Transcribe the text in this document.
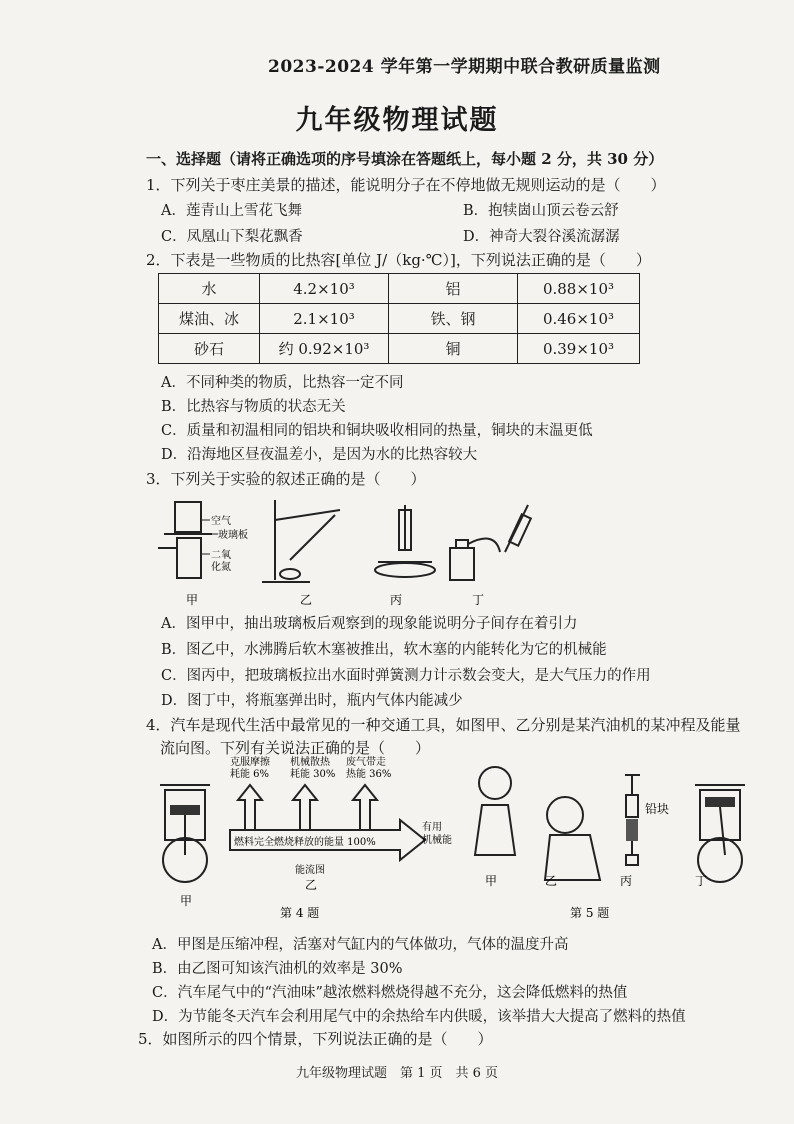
2023-2024 学年第一学期期中联合教研质量监测
九年级物理试题
一、选择题（请将正确选项的序号填涂在答题纸上，每小题 2 分，共 30 分）
1．下列关于枣庄美景的描述，能说明分子在不停地做无规则运动的是（　　）
A．莲青山上雪花飞舞	B．抱犊崮山顶云卷云舒
C．凤凰山下梨花飘香	D．神奇大裂谷溪流潺潺
2．下表是一些物质的比热容[单位 J/（kg·℃）]，下列说法正确的是（　　）
水	4.2×10³	铝	0.88×10³
煤油、冰	2.1×10³	铁、钢	0.46×10³
砂石	约 0.92×10³	铜	0.39×10³
A．不同种类的物质，比热容一定不同
B．比热容与物质的状态无关
C．质量和初温相同的铝块和铜块吸收相同的热量，铜块的末温更低
D．沿海地区昼夜温差小，是因为水的比热容较大
3．下列关于实验的叙述正确的是（　　）
空气
玻璃板
二氧
化氮
甲	乙	丙	丁
A．图甲中，抽出玻璃板后观察到的现象能说明分子间存在着引力
B．图乙中，水沸腾后软木塞被推出，软木塞的内能转化为它的机械能
C．图丙中，把玻璃板拉出水面时弹簧测力计示数会变大，是大气压力的作用
D．图丁中，将瓶塞弹出时，瓶内气体内能减少
4．汽车是现代生活中最常见的一种交通工具，如图甲、乙分别是某汽油机的某冲程及能量
流向图。下列有关说法正确的是（　　）
甲
克服摩擦
耗能 6%
机械散热
耗能 30%
废气带走
热能 36%
燃料完全燃烧释放的能量 100%
有用
机械能
能流图
乙
第 4 题
铅块
甲	乙	丙	丁
第 5 题
A．甲图是压缩冲程，活塞对气缸内的气体做功，气体的温度升高
B．由乙图可知该汽油机的效率是 30%
C．汽车尾气中的“汽油味”越浓燃料燃烧得越不充分，这会降低燃料的热值
D．为节能冬天汽车会利用尾气中的余热给车内供暖，该举措大大提高了燃料的热值
5．如图所示的四个情景，下列说法正确的是（　　）
九年级物理试题　第 1 页　共 6 页
